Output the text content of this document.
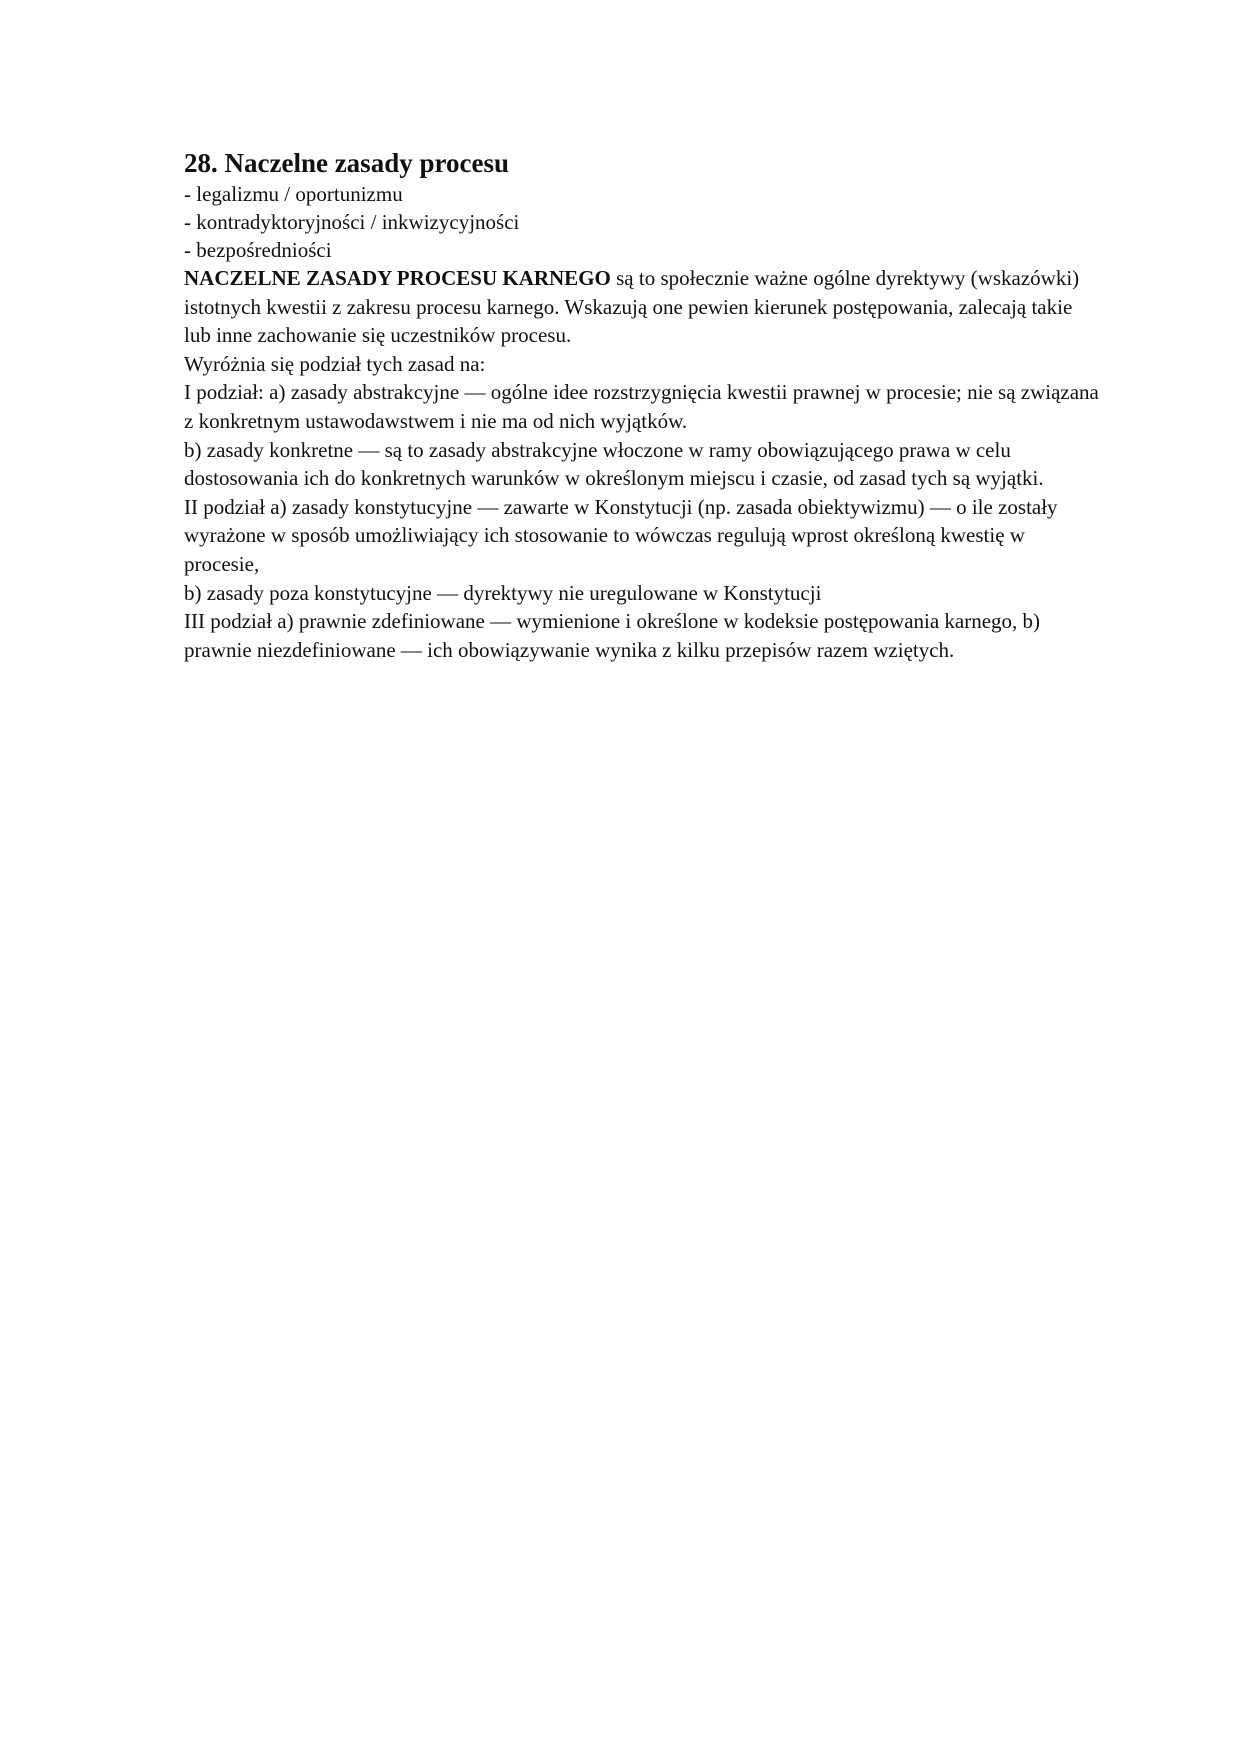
28. Naczelne zasady procesu

- legalizmu / oportunizmu

- kontradyktoryjności / inkwizycyjności

- bezpośredniości

NACZELNE ZASADY PROCESU KARNEGO są to społecznie ważne ogólne dyrektywy (wskazówki) istotnych kwestii z zakresu procesu karnego. Wskazują one pewien kierunek postępowania, zalecają takie lub inne zachowanie się uczestników procesu.

Wyróżnia się podział tych zasad na:

I podział: a) zasady abstrakcyjne — ogólne idee rozstrzygnięcia kwestii prawnej w procesie; nie są związana z konkretnym ustawodawstwem i nie ma od nich wyjątków.

b) zasady konkretne — są to zasady abstrakcyjne włoczone w ramy obowiązującego prawa w celu dostosowania ich do konkretnych warunków w określonym miejscu i czasie, od zasad tych są wyjątki.

II podział a) zasady konstytucyjne — zawarte w Konstytucji (np. zasada obiektywizmu) — o ile zostały wyrażone w sposób umożliwiający ich stosowanie to wówczas regulują wprost określoną kwestię w procesie,

b) zasady poza konstytucyjne — dyrektywy nie uregulowane w Konstytucji

III podział a) prawnie zdefiniowane — wymienione i określone w kodeksie postępowania karnego, b) prawnie niezdefiniowane — ich obowiązywanie wynika z kilku przepisów razem wziętych.
